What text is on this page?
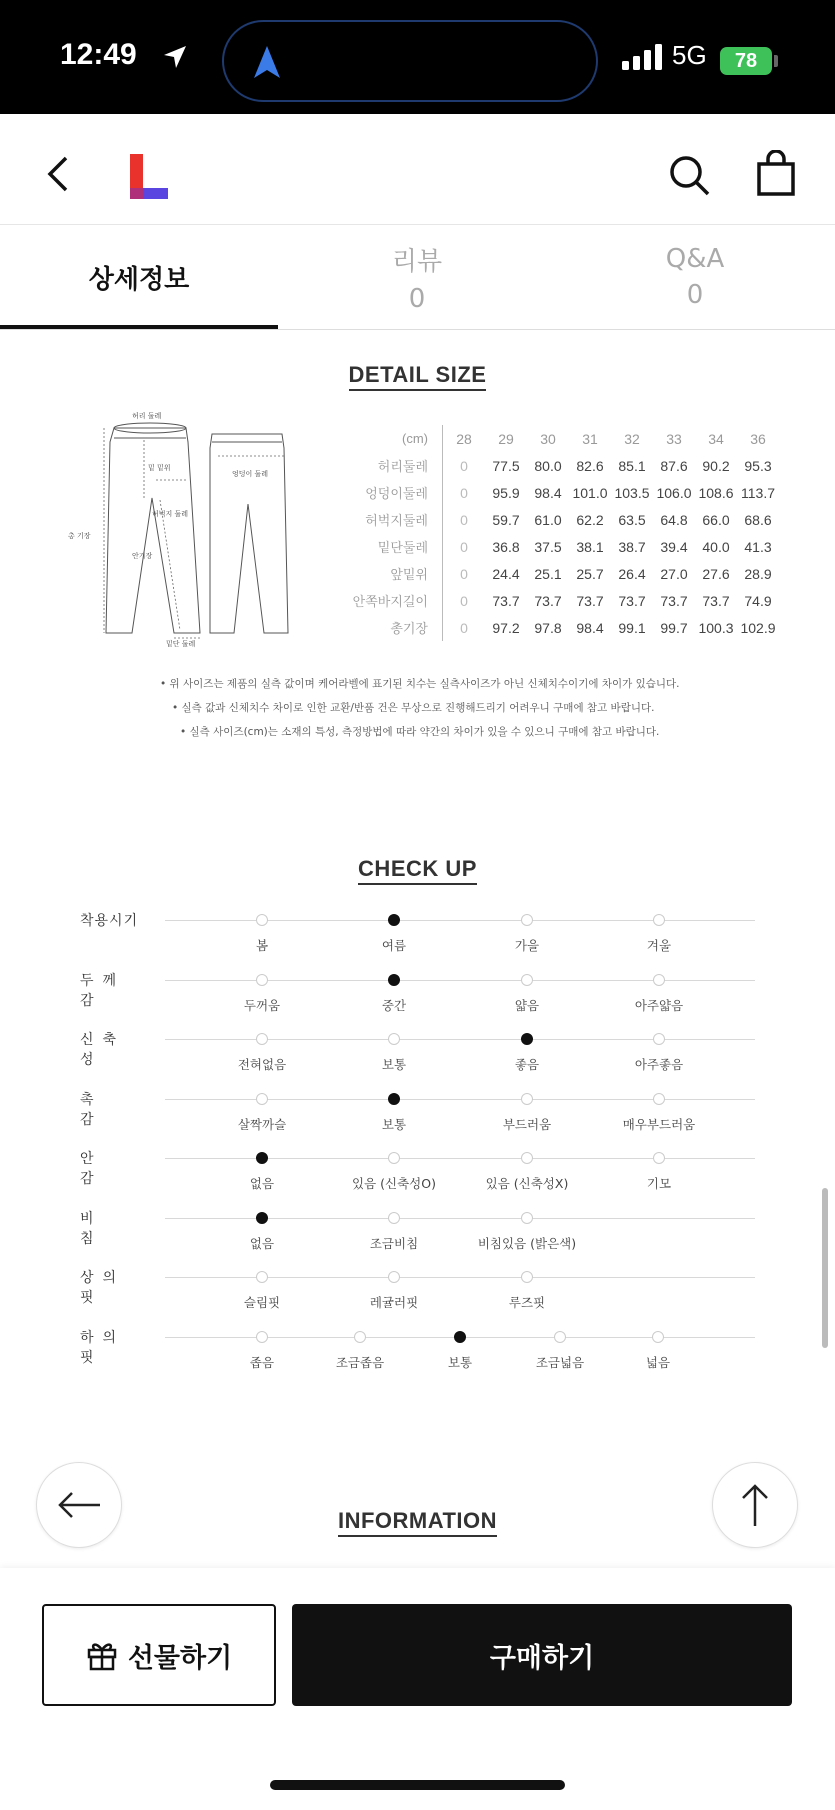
12:49	5G 78
상세정보
리뷰
0
Q&A
0
DETAIL SIZE
허리 둘레
밑 밑위
엉덩이 둘레
허벅지 둘레
총 기장
안기장
밑단 둘레
(cm)	28	29	30	31	32	33	34	36
허리둘레	0	77.5	80.0	82.6	85.1	87.6	90.2	95.3
엉덩이둘레	0	95.9	98.4	101.0	103.5	106.0	108.6	113.7
허벅지둘레	0	59.7	61.0	62.2	63.5	64.8	66.0	68.6
밑단둘레	0	36.8	37.5	38.1	38.7	39.4	40.0	41.3
앞밑위	0	24.4	25.1	25.7	26.4	27.0	27.6	28.9
안쪽바지길이	0	73.7	73.7	73.7	73.7	73.7	73.7	74.9
총기장	0	97.2	97.8	98.4	99.1	99.7	100.3	102.9
• 위 사이즈는 제품의 실측 값이며 케어라벨에 표기된 치수는 실측사이즈가 아닌 신체치수이기에 차이가 있습니다.
• 실측 값과 신체치수 차이로 인한 교환/반품 건은 무상으로 진행해드리기 어려우니 구매에 참고 바랍니다.
• 실측 사이즈(cm)는 소재의 특성, 측정방법에 따라 약간의 차이가 있을 수 있으니 구매에 참고 바랍니다.
CHECK UP
착용시기
봄	여름	가을	겨울
두께감	두꺼움	중간	얇음	아주얇음
신축성	전혀없음	보통	좋음	아주좋음
촉감	살짝까슬	보통	부드러움	매우부드러움
안감	없음	있음 (신축성O)	있음 (신축성X)	기모
비침	없음	조금비침	비침있음 (밝은색)
상의핏	슬림핏	레귤러핏	루즈핏
하의핏	좁음	조금좁음	보통	조금넓음	넓음
INFORMATION
선물하기	구매하기
